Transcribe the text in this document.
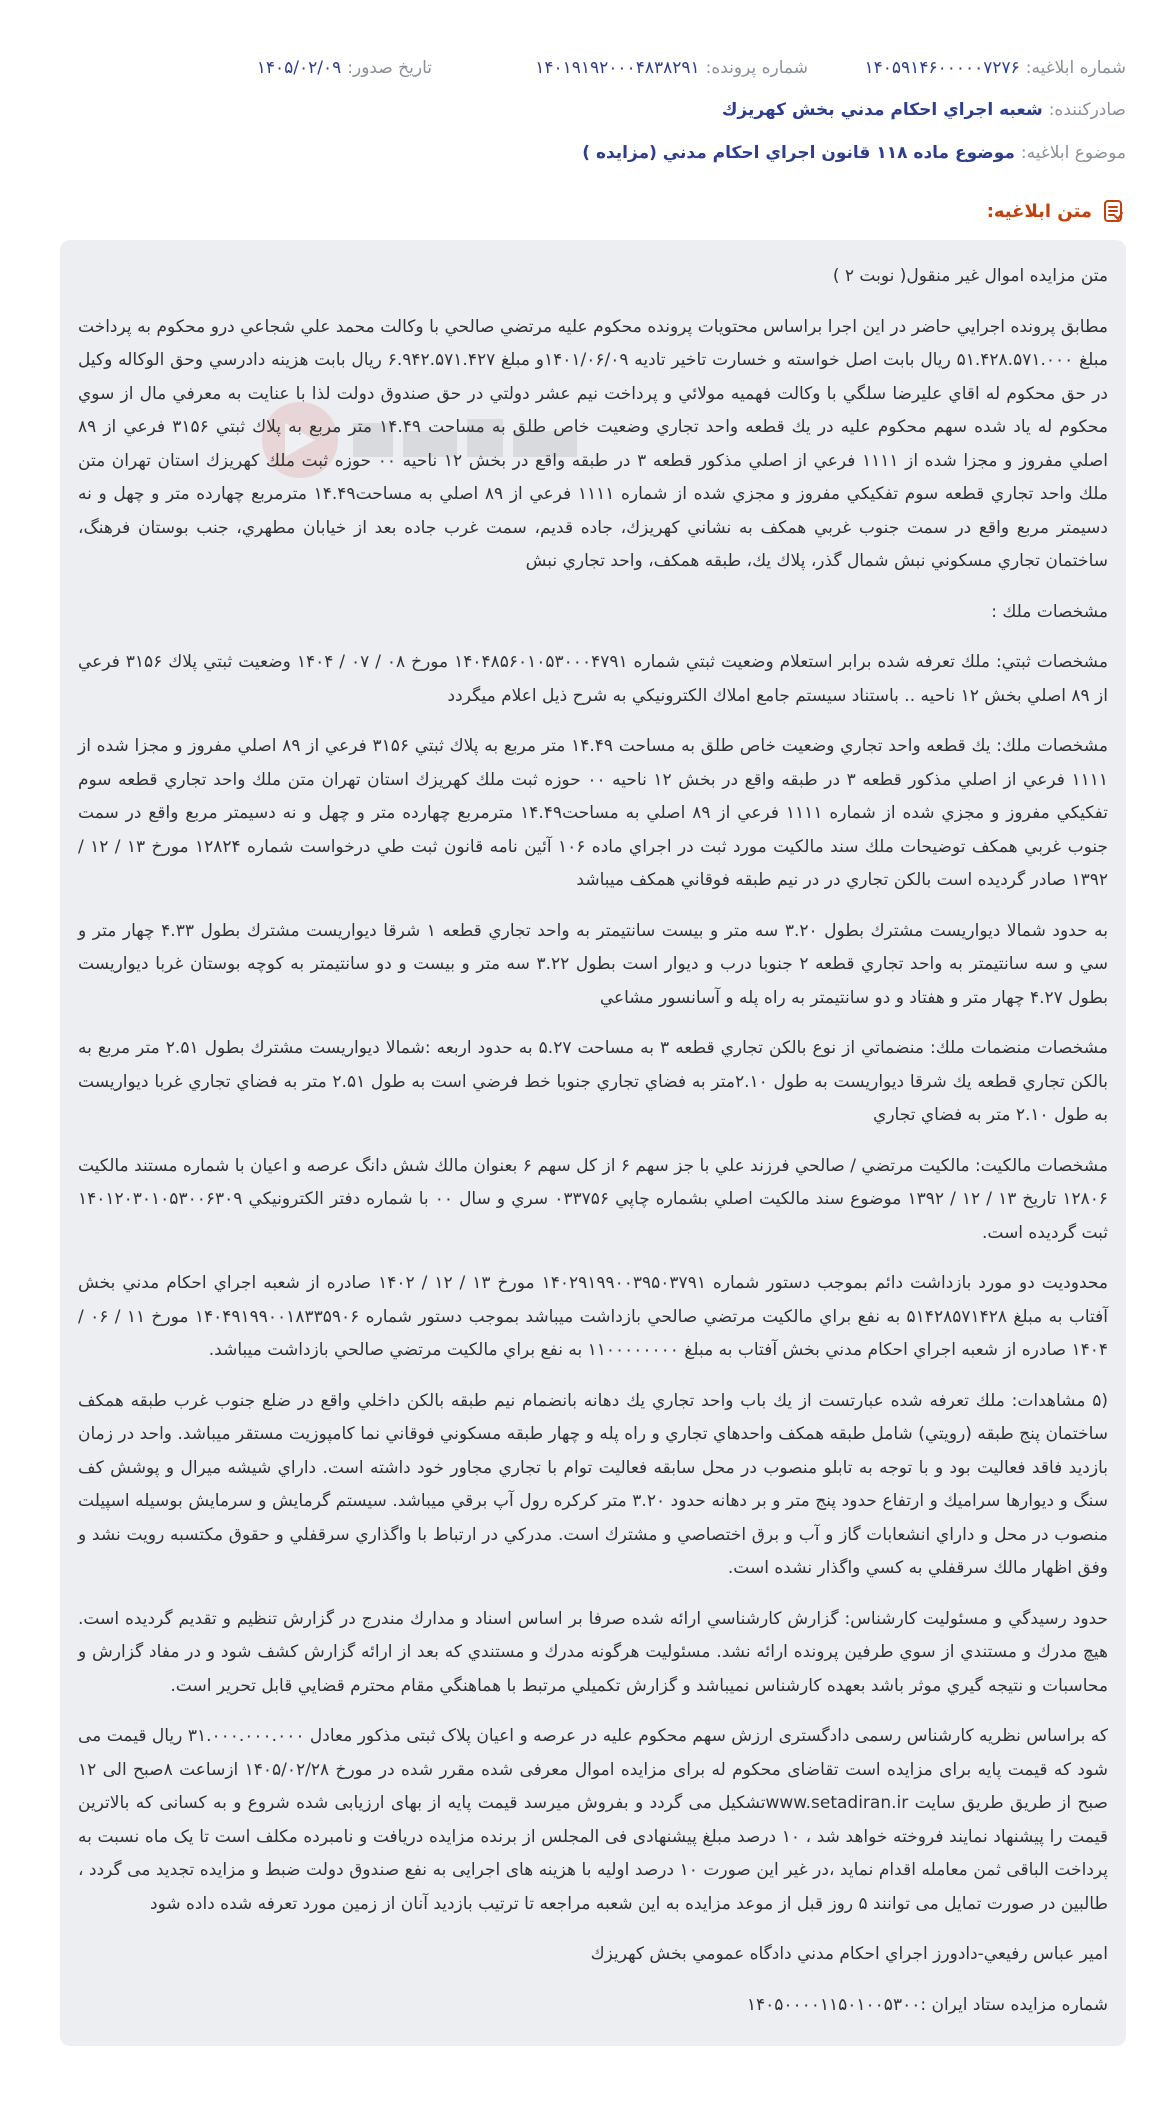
شماره ابلاغیه:
۱۴۰۵۹۱۴۶۰۰۰۰۰۷۲۷۶
شماره پرونده:
۱۴۰۱۹۱۹۲۰۰۰۴۸۳۸۲۹۱
تاریخ صدور:
۱۴۰۵/۰۲/۰۹
صادرکننده:
شعبه اجراي احكام مدني بخش كهريزك
موضوع ابلاغیه:
موضوع ماده ۱۱۸ قانون اجراي احكام مدني (مزايده )
متن ابلاغیه:

متن مزايده اموال غير منقول( نوبت ۲ )

مطابق پرونده اجرايي حاضر در اين اجرا براساس محتويات پرونده محكوم عليه مرتضي صالحي با وكالت محمد علي شجاعي درو محكوم به پرداخت مبلغ ۵۱.۴۲۸.۵۷۱.۰۰۰ ريال بابت اصل خواسته و خسارت تاخير تاديه ۱۴۰۱/۰۶/۰۹و مبلغ ۶.۹۴۲.۵۷۱.۴۲۷ ريال بابت هزينه دادرسي وحق الوكاله وكيل در حق محكوم له اقاي عليرضا سلگي با وكالت فهميه مولائي و پرداخت نيم عشر دولتي در حق صندوق دولت لذا با عنايت به معرفي مال از سوي محكوم له ياد شده سهم محكوم عليه در يك قطعه واحد تجاري وضعيت خاص طلق به مساحت ۱۴.۴۹ متر مربع به پلاك ثبتي ۳۱۵۶ فرعي از ۸۹ اصلي مفروز و مجزا شده از ۱۱۱۱ فرعي از اصلي مذكور قطعه ۳ در طبقه واقع در بخش ۱۲ ناحيه ۰۰ حوزه ثبت ملك كهريزك استان تهران متن ملك واحد تجاري قطعه سوم تفكيكي مفروز و مجزي شده از شماره ۱۱۱۱ فرعي از ۸۹ اصلي به مساحت۱۴.۴۹ مترمربع چهارده متر و چهل و نه دسيمتر مربع واقع در سمت جنوب غربي همكف به نشاني كهريزك، جاده قديم، سمت غرب جاده بعد از خيابان مطهري، جنب بوستان فرهنگ، ساختمان تجاري مسكوني نبش شمال گذر، پلاك يك، طبقه همكف، واحد تجاري نبش

مشخصات ملك :

مشخصات ثبتي: ملك تعرفه شده برابر استعلام وضعيت ثبتي شماره ۱۴۰۴۸۵۶۰۱۰۵۳۰۰۰۴۷۹۱ مورخ ۰۸ / ۰۷ / ۱۴۰۴ وضعيت ثبتي پلاك ۳۱۵۶ فرعي از ۸۹ اصلي بخش ۱۲ ناحيه .. باستناد سيستم جامع املاك الكترونيكي به شرح ذيل اعلام ميگردد

مشخصات ملك: يك قطعه واحد تجاري وضعيت خاص طلق به مساحت ۱۴.۴۹ متر مربع به پلاك ثبتي ۳۱۵۶ فرعي از ۸۹ اصلي مفروز و مجزا شده از ۱۱۱۱ فرعي از اصلي مذكور قطعه ۳ در طبقه واقع در بخش ۱۲ ناحيه ۰۰ حوزه ثبت ملك كهريزك استان تهران متن ملك واحد تجاري قطعه سوم تفكيكي مفروز و مجزي شده از شماره ۱۱۱۱ فرعي از ۸۹ اصلي به مساحت۱۴.۴۹ مترمربع چهارده متر و چهل و نه دسيمتر مربع واقع در سمت جنوب غربي همكف توضيحات ملك سند مالكيت مورد ثبت در اجراي ماده ۱۰۶ آئين نامه قانون ثبت طي درخواست شماره ۱۲۸۲۴ مورخ ۱۳ / ۱۲ / ۱۳۹۲ صادر گرديده است بالكن تجاري در در نيم طبقه فوقاني همكف ميباشد

به حدود شمالا ديواريست مشترك بطول ۳.۲۰ سه متر و بيست سانتيمتر به واحد تجاري قطعه ۱ شرقا ديواريست مشترك بطول ۴.۳۳ چهار متر و سي و سه سانتيمتر به واحد تجاري قطعه ۲ جنوبا درب و ديوار است بطول ۳.۲۲ سه متر و بيست و دو سانتيمتر به كوچه بوستان غربا ديواريست بطول ۴.۲۷ چهار متر و هفتاد و دو سانتيمتر به راه پله و آسانسور مشاعي

مشخصات منضمات ملك: منضماتي از نوع بالكن تجاري قطعه ۳ به مساحت ۵.۲۷ به حدود اربعه :شمالا ديواريست مشترك بطول ۲.۵۱ متر مربع به بالكن تجاري قطعه يك شرقا ديواريست به طول ۲.۱۰متر به فضاي تجاري جنوبا خط فرضي است به طول ۲.۵۱ متر به فضاي تجاري غربا ديواريست به طول ۲.۱۰ متر به فضاي تجاري

مشخصات مالكيت: مالكيت مرتضي / صالحي فرزند علي با جز سهم ۶ از كل سهم ۶ بعنوان مالك شش دانگ عرصه و اعيان با شماره مستند مالكيت ۱۲۸۰۶ تاريخ ۱۳ / ۱۲ / ۱۳۹۲ موضوع سند مالكيت اصلي بشماره چاپي ۰۳۳۷۵۶ سري و سال ۰۰ با شماره دفتر الكترونيكي ۱۴۰۱۲۰۳۰۱۰۵۳۰۰۶۳۰۹ ثبت گرديده است.

محدوديت دو مورد بازداشت دائم بموجب دستور شماره ۱۴۰۲۹۱۹۹۰۰۳۹۵۰۳۷۹۱ مورخ ۱۳ / ۱۲ / ۱۴۰۲ صادره از شعبه اجراي احكام مدني بخش آفتاب به مبلغ ۵۱۴۲۸۵۷۱۴۲۸ به نفع براي مالكيت مرتضي صالحي بازداشت ميباشد بموجب دستور شماره ۱۴۰۴۹۱۹۹۰۰۱۸۳۳۵۹۰۶ مورخ ۱۱ / ۰۶ / ۱۴۰۴ صادره از شعبه اجراي احكام مدني بخش آفتاب به مبلغ ۱۱۰۰۰۰۰۰۰۰ به نفع براي مالكيت مرتضي صالحي بازداشت ميباشد.

(۵ مشاهدات: ملك تعرفه شده عبارتست از يك باب واحد تجاري يك دهانه بانضمام نيم طبقه بالكن داخلي واقع در ضلع جنوب غرب طبقه همكف ساختمان پنج طبقه (رويتي) شامل طبقه همكف واحدهاي تجاري و راه پله و چهار طبقه مسكوني فوقاني نما كامپوزيت مستقر ميباشد. واحد در زمان بازديد فاقد فعاليت بود و با توجه به تابلو منصوب در محل سابقه فعاليت توام با تجاري مجاور خود داشته است. داراي شيشه ميرال و پوشش كف سنگ و ديوارها سراميك و ارتفاع حدود پنج متر و بر دهانه حدود ۳.۲۰ متر كركره رول آپ برقي ميباشد. سيستم گرمايش و سرمايش بوسيله اسپيلت منصوب در محل و داراي انشعابات گاز و آب و برق اختصاصي و مشترك است. مدركي در ارتباط با واگذاري سرقفلي و حقوق مكتسبه رويت نشد و وفق اظهار مالك سرقفلي به كسي واگذار نشده است.

حدود رسيدگي و مسئوليت كارشناس: گزارش كارشناسي ارائه شده صرفا بر اساس اسناد و مدارك مندرج در گزارش تنظيم و تقديم گرديده است. هيچ مدرك و مستندي از سوي طرفين پرونده ارائه نشد. مسئوليت هرگونه مدرك و مستندي كه بعد از ارائه گزارش كشف شود و در مفاد گزارش و محاسبات و نتيجه گيري موثر باشد بعهده كارشناس نميباشد و گزارش تكميلي مرتبط با هماهنگي مقام محترم قضايي قابل تحرير است.

كه براساس نظريه كارشناس رسمى دادگسترى ارزش سهم محکوم علیه در عرصه و اعیان پلاک ثبتی مذکور معادل ۳۱.۰۰۰.۰۰۰.۰۰۰ ریال قيمت مى شود كه قيمت پایه برای مزایده است تقاضای محکوم له برای مزایده اموال معرفی شده مقرر شده در مورخ ۱۴۰۵/۰۲/۲۸ ازساعت ۸صبح الی ۱۲ صبح از طریق طريق سایت www.setadiran.irتشكيل مى گردد و بفروش ميرسد قيمت پايه از بهای ارزیابی شده شروع و به کسانی که بالاترين قيمت را پيشنهاد نمايند فروخته خواهد شد ، ۱۰ درصد مبلغ پیشنهادی فی المجلس از برنده مزایده دریافت و نامبرده مکلف است تا یک ماه نسبت به پرداخت الباقی ثمن معامله اقدام نماید ،در غیر این صورت ۱۰ درصد اولیه با هزینه های اجرایی به نفع صندوق دولت ضبط و مزایده تجدید می گردد ، طالبین در صورت تمایل می توانند ۵ روز قبل از موعد مزایده به این شعبه مراجعه تا ترتیب بازدید آنان از زمین مورد تعرفه شده داده شود

امير عباس رفيعي-دادورز اجراي احكام مدني دادگاه عمومي بخش كهريزك

شماره مزایده ستاد ایران :۱۴۰۵۰۰۰۰۱۱۵۰۱۰۰۵۳۰۰
